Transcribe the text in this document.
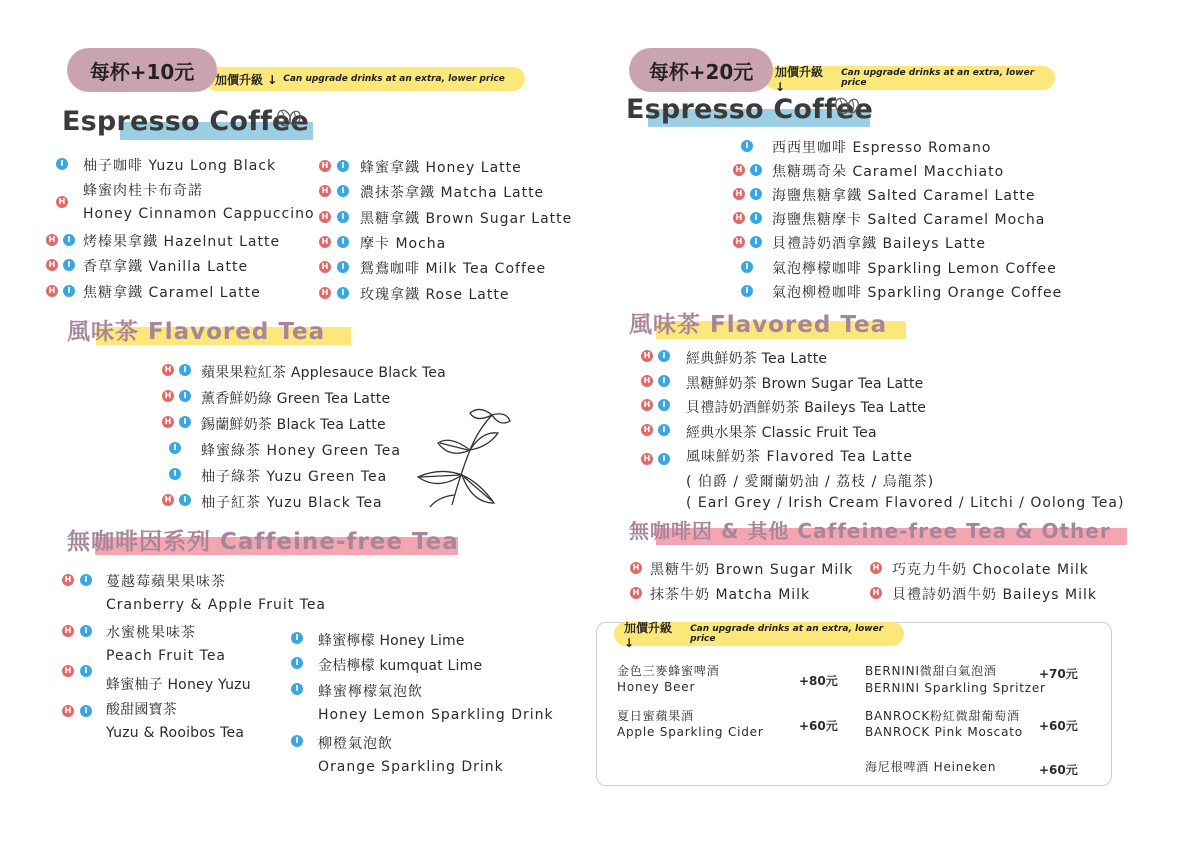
加價升級 ↓ Can upgrade drinks at an extra, lower price
每杯+10元
Espresso Coffee
I	柚子咖啡 Yuzu Long Black
H
蜂蜜肉桂卡布奇諾
Honey Cinnamon Cappuccino
H	I 烤榛果拿鐵 Hazelnut Latte
H	I 香草拿鐵 Vanilla Latte
H	I 焦糖拿鐵 Caramel Latte
H	I	蜂蜜拿鐵 Honey Latte
H	I	濃抹茶拿鐵 Matcha Latte
H	I	黑糖拿鐵 Brown Sugar Latte
H	I	摩卡 Mocha
H	I	鴛鴦咖啡 Milk Tea Coffee
H	I	玫瑰拿鐵 Rose Latte
風味茶 Flavored Tea
H	I	蘋果果粒紅茶 Applesauce Black Tea
H	I	薰香鮮奶綠 Green Tea Latte
H	I	錫蘭鮮奶茶 Black Tea Latte
I	蜂蜜綠茶 Honey Green Tea
I	柚子綠茶 Yuzu Green Tea
H	I	柚子紅茶 Yuzu Black Tea
無咖啡因系列 Caffeine-free Tea
H	I	蔓越莓蘋果果味茶
Cranberry & Apple Fruit Tea
H	I	水蜜桃果味茶
Peach Fruit Tea
H	I
蜂蜜柚子 Honey Yuzu
H	I	酸甜國寶茶
Yuzu & Rooibos Tea
I	蜂蜜檸檬 Honey Lime
I	金桔檸檬 kumquat Lime
I	蜂蜜檸檬氣泡飲
Honey Lemon Sparkling Drink
I	柳橙氣泡飲
Orange Sparkling Drink
加價升級 ↓
Can upgrade drinks at an extra, lower price
每杯+20元
Espresso Coffee
I	西西里咖啡 Espresso Romano
H	I	焦糖瑪奇朵 Caramel Macchiato
H	I	海鹽焦糖拿鐵 Salted Caramel Latte
H	I	海鹽焦糖摩卡 Salted Caramel Mocha
H	I	貝禮詩奶酒拿鐵 Baileys Latte
I	氣泡檸檬咖啡 Sparkling Lemon Coffee
I	氣泡柳橙咖啡 Sparkling Orange Coffee
風味茶 Flavored Tea
H	I	經典鮮奶茶 Tea Latte
H	I	黑糖鮮奶茶 Brown Sugar Tea Latte
H	I	貝禮詩奶酒鮮奶茶 Baileys Tea Latte
H	I	經典水果茶 Classic Fruit Tea
H	I	風味鮮奶茶 Flavored Tea Latte
( 伯爵 / 愛爾蘭奶油 / 荔枝 / 烏龍茶)
( Earl Grey / Irish Cream Flavored / Litchi / Oolong Tea)
無咖啡因 & 其他 Caffeine-free Tea & Other
H 黑糖牛奶 Brown Sugar Milk
H 抹茶牛奶 Matcha Milk
H 巧克力牛奶 Chocolate Milk
H 貝禮詩奶酒牛奶 Baileys Milk
加價升級 ↓
Can upgrade drinks at an extra, lower price
金色三麥蜂蜜啤酒
Honey Beer	+80元
夏日蜜蘋果酒
Apple Sparkling Cider	+60元
BERNINI微甜白氣泡酒
BERNINI Sparkling Spritzer
+70元
BANROCK粉紅微甜葡萄酒
BANROCK Pink Moscato +60元
海尼根啤酒 Heineken	+60元
